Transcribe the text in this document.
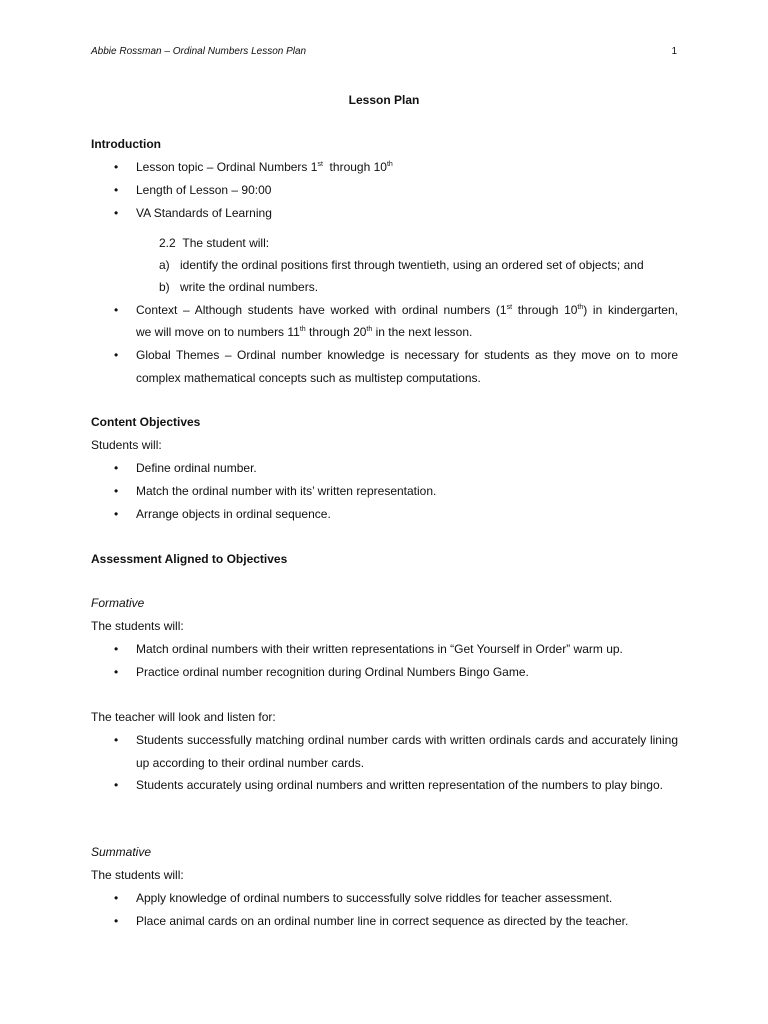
Abbie Rossman – Ordinal Numbers Lesson Plan	1
Lesson Plan
Introduction
• Lesson topic – Ordinal Numbers 1st  through 10th
• Length of Lesson – 90:00
• VA Standards of Learning
2.2 The student will:
a) identify the ordinal positions first through twentieth, using an ordered set of objects; and
b) write the ordinal numbers.
• Context – Although students have worked with ordinal numbers (1st through 10th) in kindergarten,
we will move on to numbers 11th through 20th in the next lesson.
• Global Themes – Ordinal number knowledge is necessary for students as they move on to more complex mathematical concepts such as multistep computations.
Content Objectives
Students will:
• Define ordinal number.
• Match the ordinal number with its’ written representation.
• Arrange objects in ordinal sequence.
Assessment Aligned to Objectives
Formative
The students will:
• Match ordinal numbers with their written representations in “Get Yourself in Order” warm up.
• Practice ordinal number recognition during Ordinal Numbers Bingo Game.
The teacher will look and listen for:
• Students successfully matching ordinal number cards with written ordinals cards and accurately lining up according to their ordinal number cards.
• Students accurately using ordinal numbers and written representation of the numbers to play bingo.
Summative
The students will:
• Apply knowledge of ordinal numbers to successfully solve riddles for teacher assessment.
• Place animal cards on an ordinal number line in correct sequence as directed by the teacher.
